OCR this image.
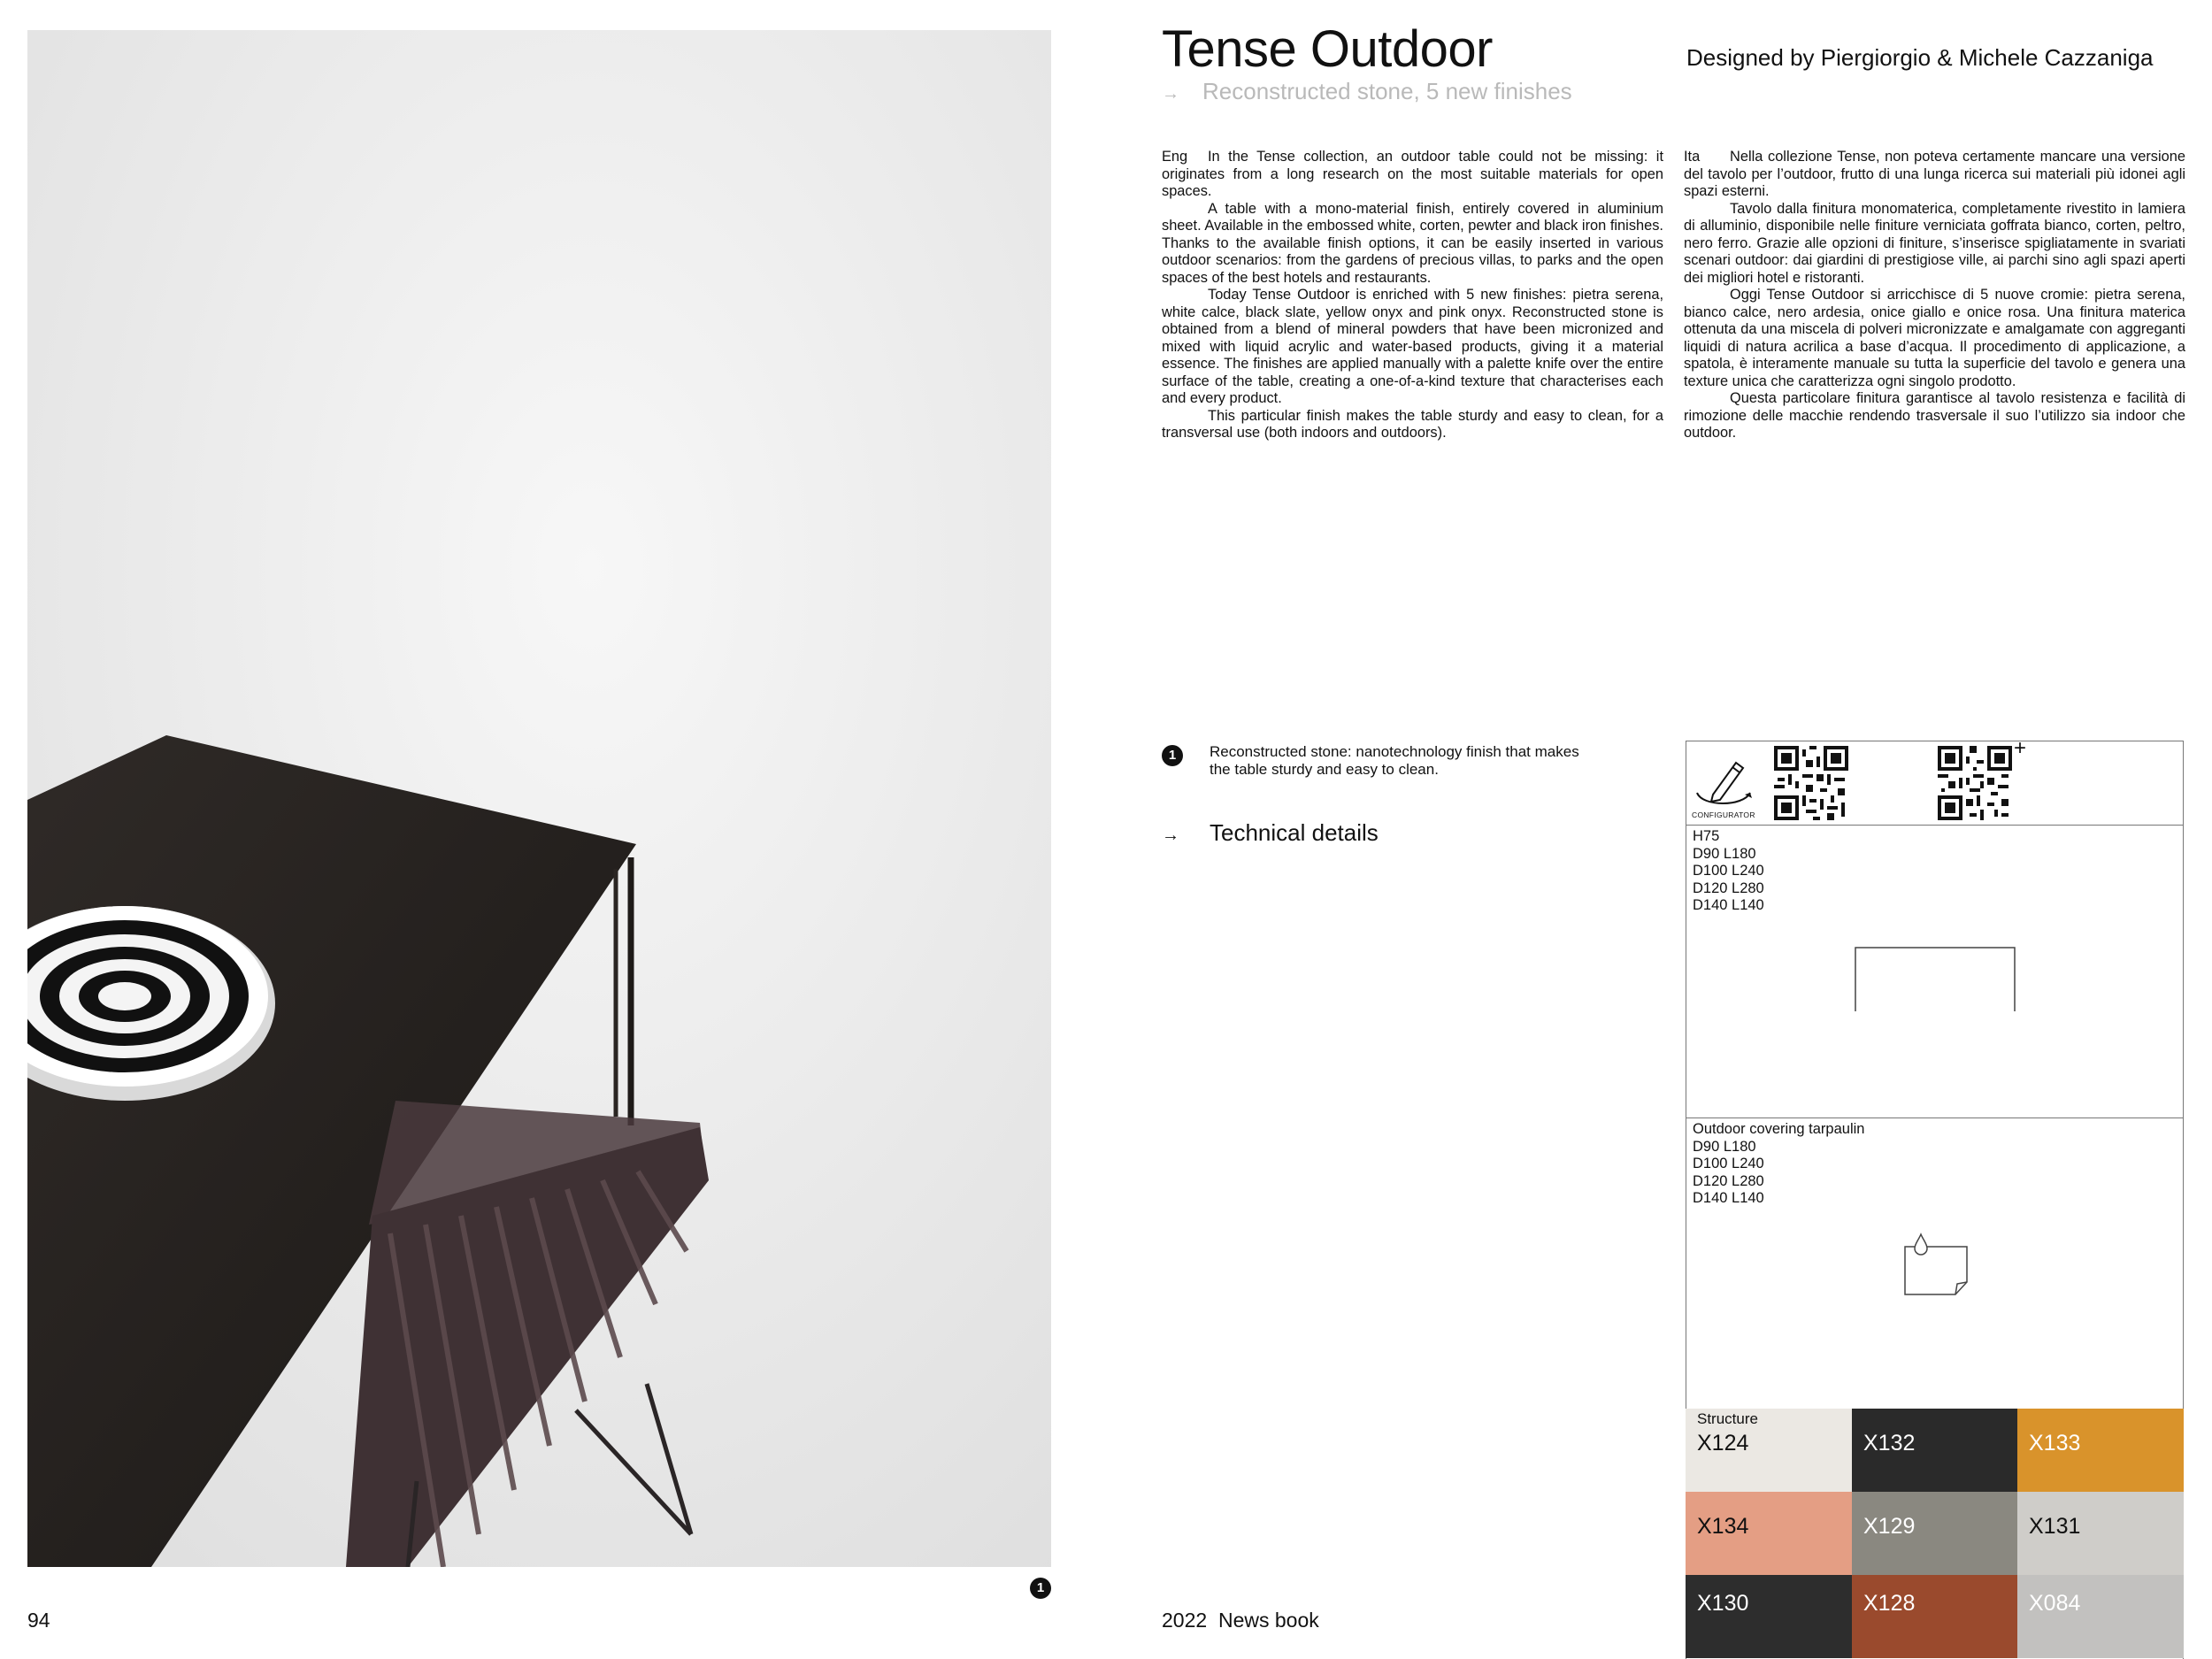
1
94
Tense Outdoor	Designed by Piergiorgio & Michele Cazzaniga
→ Reconstructed stone, 5 new finishes

Eng In the Tense collection, an outdoor table could not be missing: it originates from a long research on the most suitable materials for open spaces.

A table with a mono-material finish, entirely covered in aluminium sheet. Available in the embossed white, corten, pewter and black iron finishes. Thanks to the available finish options, it can be easily inserted in various outdoor scenarios: from the gardens of precious villas, to parks and the open spaces of the best hotels and restaurants.

Today Tense Outdoor is enriched with 5 new finishes: pietra serena, white calce, black slate, yellow onyx and pink onyx. Reconstructed stone is obtained from a blend of mineral powders that have been micronized and mixed with liquid acrylic and water-based products, giving it a material essence. The finishes are applied manually with a palette knife over the entire surface of the table, creating a one-of-a-kind texture that characterises each and every product.

This particular finish makes the table sturdy and easy to clean, for a transversal use (both indoors and outdoors).

Ita Nella collezione Tense, non poteva certamente mancare una versione del tavolo per l’outdoor, frutto di una lunga ricerca sui materiali più idonei agli spazi esterni.

Tavolo dalla finitura monomaterica, completamente rivestito in lamiera di alluminio, disponibile nelle finiture verniciata goffrata bianco, corten, peltro, nero ferro. Grazie alle opzioni di finiture, s’inserisce spigliatamente in svariati scenari outdoor: dai giardini di prestigiose ville, ai parchi sino agli spazi aperti dei migliori hotel e ristoranti.

Oggi Tense Outdoor si arricchisce di 5 nuove cromie: pietra serena, bianco calce, nero ardesia, onice giallo e onice rosa. Una finitura materica ottenuta da una miscela di polveri micronizzate e amalgamate con aggreganti liquidi di natura acrilica a base d’acqua. Il procedimento di applicazione, a spatola, è interamente manuale su tutta la superficie del tavolo e genera una texture unica che caratterizza ogni singolo prodotto.

Questa particolare finitura garantisce al tavolo resistenza e facilità di rimozione delle macchie rendendo trasversale il suo l’utilizzo sia indoor che outdoor.

1	Reconstructed stone: nanotechnology finish that makes the table sturdy and easy to clean.
→ Technical details
CONFIGURATOR
+
H75
D90 L180
D100 L240
D120 L280
D140 L140
Outdoor covering tarpaulin
D90 L180
D100 L240
D120 L280
D140 L140
Structure
X124	X132	X133
X134	X129	X131
X130	X128	X084
2022 News book
